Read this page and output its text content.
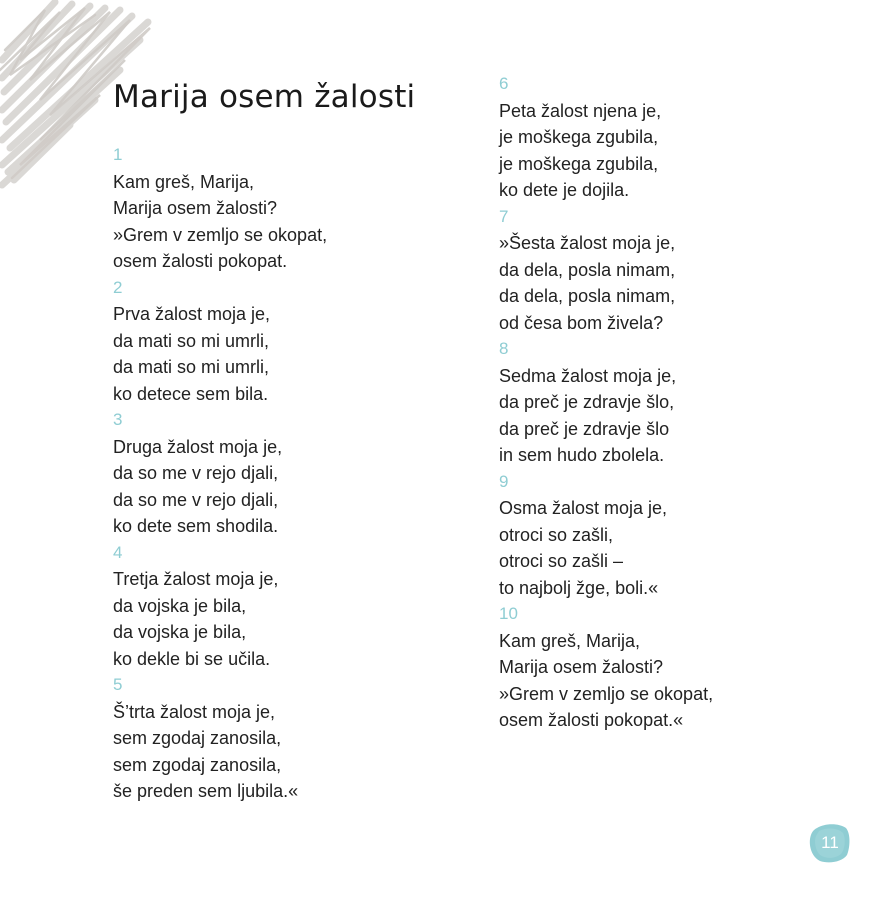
Marija osem žalosti
1
Kam greš, Marija,
Marija osem žalosti?
»Grem v zemljo se okopat,
osem žalosti pokopat.
2
Prva žalost moja je,
da mati so mi umrli,
da mati so mi umrli,
ko detece sem bila.
3
Druga žalost moja je,
da so me v rejo djali,
da so me v rejo djali,
ko dete sem shodila.
4
Tretja žalost moja je,
da vojska je bila,
da vojska je bila,
ko dekle bi se učila.
5
Š’trta žalost moja je,
sem zgodaj zanosila,
sem zgodaj zanosila,
še preden sem ljubila.«
6
Peta žalost njena je,
je moškega zgubila,
je moškega zgubila,
ko dete je dojila.
7
»Šesta žalost moja je,
da dela, posla nimam,
da dela, posla nimam,
od česa bom živela?
8
Sedma žalost moja je,
da preč je zdravje šlo,
da preč je zdravje šlo
in sem hudo zbolela.
9
Osma žalost moja je,
otroci so zašli,
otroci so zašli –
to najbolj žge, boli.«
10
Kam greš, Marija,
Marija osem žalosti?
»Grem v zemljo se okopat,
osem žalosti pokopat.«
11
